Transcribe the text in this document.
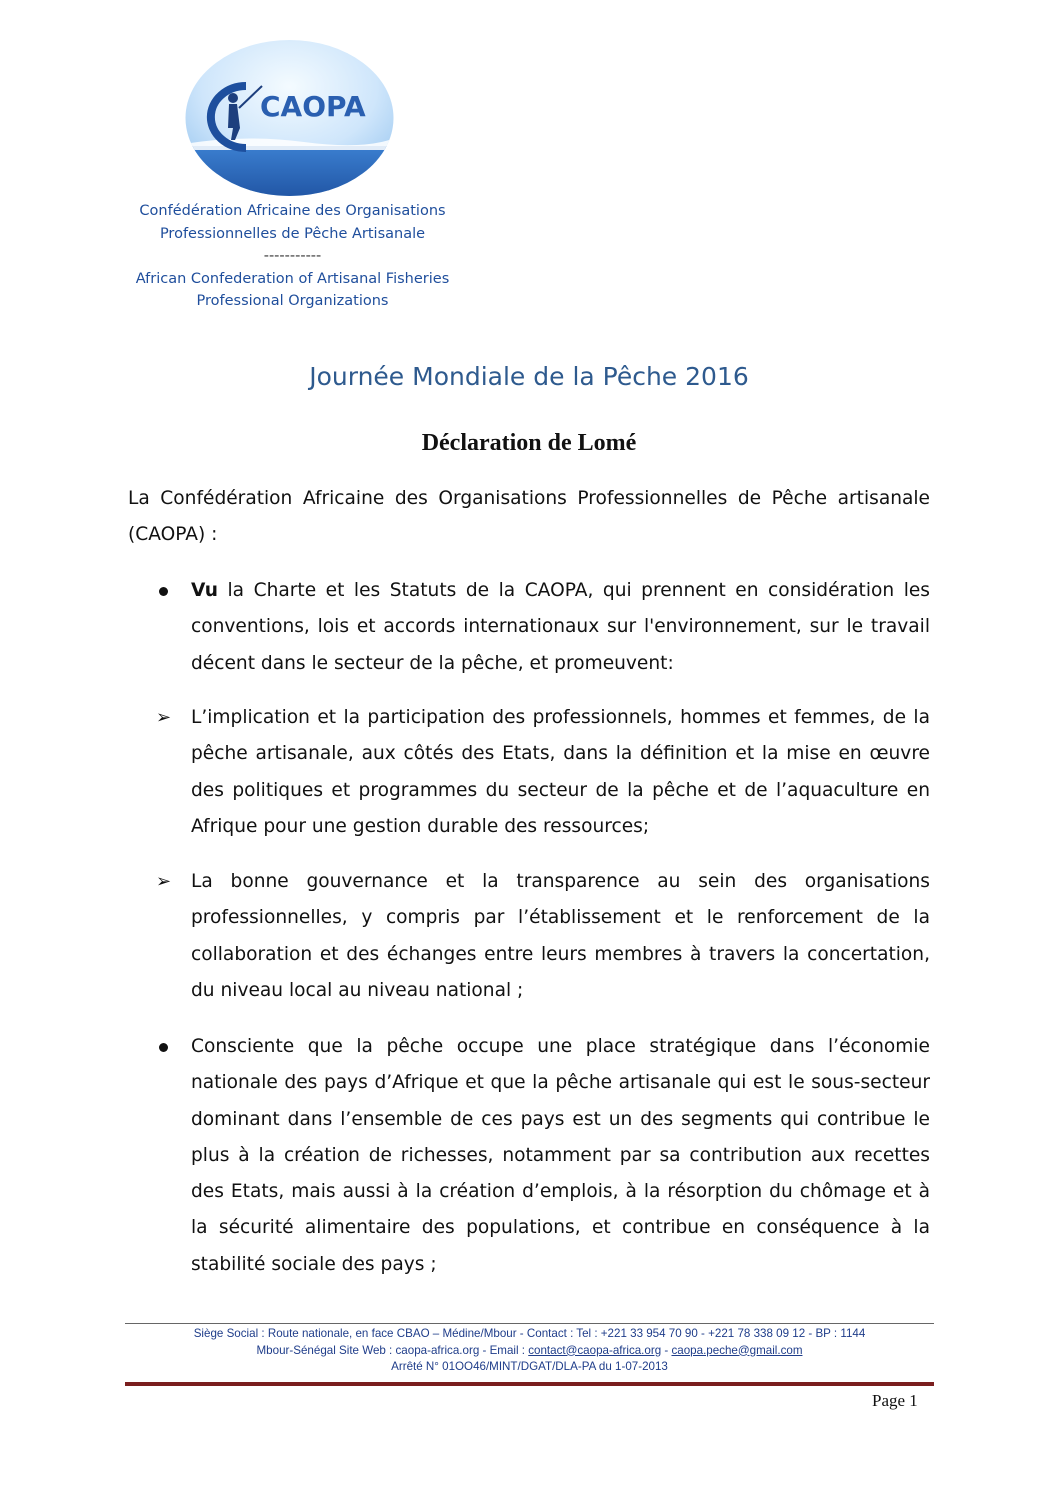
CAOPA
Confédération Africaine des Organisations
Professionnelles de Pêche Artisanale
-----------
African Confederation of Artisanal Fisheries
Professional Organizations
Journée Mondiale de la Pêche 2016
Déclaration de Lomé
La Confédération Africaine des Organisations Professionnelles de Pêche artisanale (CAOPA) :
Vu la Charte et les Statuts de la CAOPA, qui prennent en considération les conventions, lois et accords internationaux sur l'environnement, sur le travail décent dans le secteur de la pêche, et promeuvent:
➢	L’implication et la participation des professionnels, hommes et femmes, de la pêche artisanale, aux côtés des Etats, dans la définition et la mise en œuvre des politiques et programmes du secteur de la pêche et de l’aquaculture en Afrique pour une gestion durable des ressources;
➢	La bonne gouvernance et la transparence au sein des organisations professionnelles, y compris par l’établissement et le renforcement de la collaboration et des échanges entre leurs membres à travers la concertation, du niveau local au niveau national ;
Consciente que la pêche occupe une place stratégique dans l’économie nationale des pays d’Afrique et que la pêche artisanale qui est le sous-secteur dominant dans l’ensemble de ces pays est un des segments qui contribue le plus à la création de richesses, notamment par sa contribution aux recettes des Etats, mais aussi à la création d’emplois, à la résorption du chômage et à la sécurité alimentaire des populations, et contribue en conséquence à la stabilité sociale des pays ;
Siège Social : Route nationale, en face CBAO – Médine/Mbour - Contact : Tel : +221 33 954 70 90 - +221 78 338 09 12 - BP : 1144
Mbour-Sénégal Site Web : caopa-africa.org - Email : contact@caopa-africa.org - caopa.peche@gmail.com
Arrêté N° 01OO46/MINT/DGAT/DLA-PA du 1-07-2013
Page 1
